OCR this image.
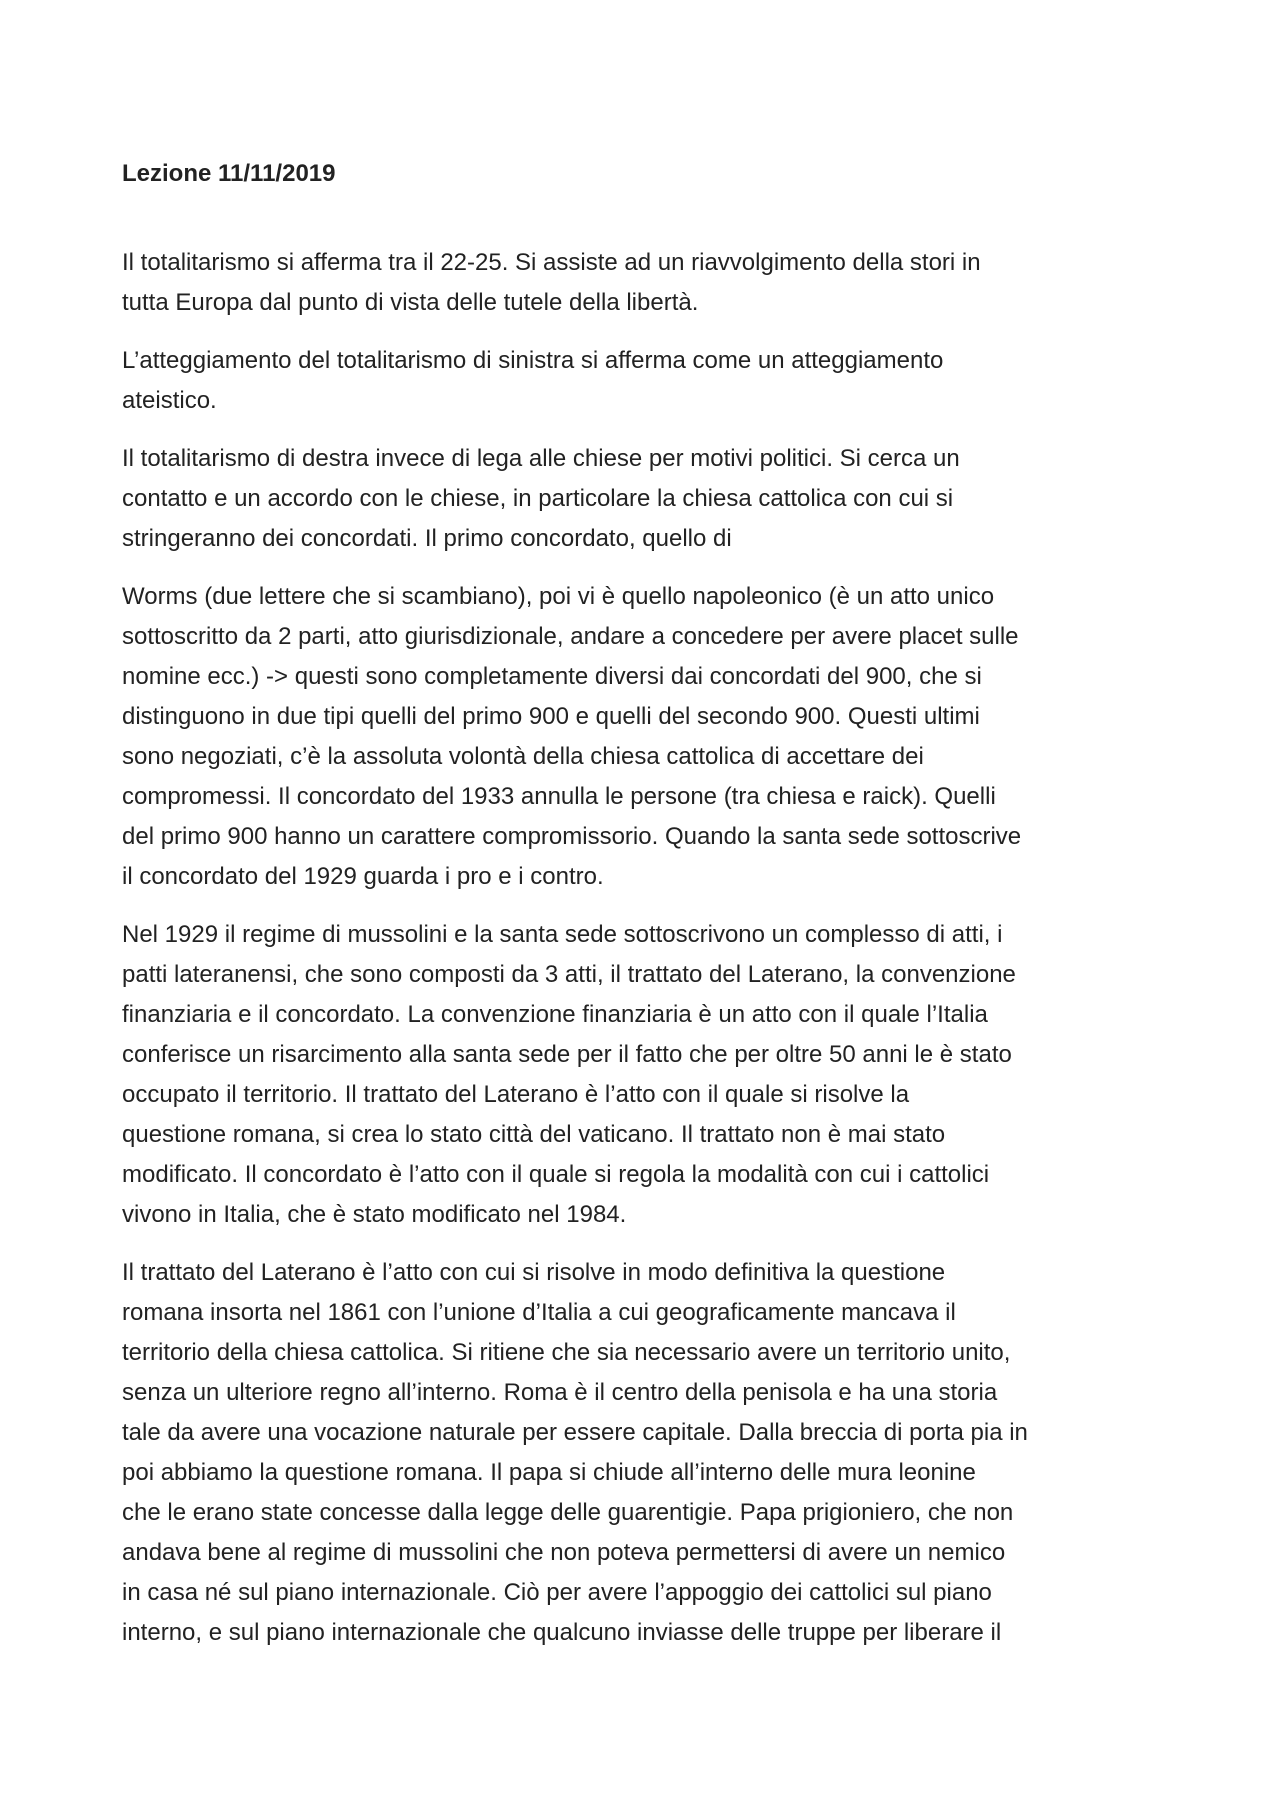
Lezione 11/11/2019
Il totalitarismo si afferma tra il 22-25. Si assiste ad un riavvolgimento della stori in
tutta Europa dal punto di vista delle tutele della libertà.
L’atteggiamento del totalitarismo di sinistra si afferma come un atteggiamento
ateistico.
Il totalitarismo di destra invece di lega alle chiese per motivi politici. Si cerca un
contatto e un accordo con le chiese, in particolare la chiesa cattolica con cui si
stringeranno dei concordati. Il primo concordato, quello di
Worms (due lettere che si scambiano), poi vi è quello napoleonico (è un atto unico
sottoscritto da 2 parti, atto giurisdizionale, andare a concedere per avere placet sulle
nomine ecc.) -> questi sono completamente diversi dai concordati del 900, che si
distinguono in due tipi quelli del primo 900 e quelli del secondo 900. Questi ultimi
sono negoziati, c’è la assoluta volontà della chiesa cattolica di accettare dei
compromessi. Il concordato del 1933 annulla le persone (tra chiesa e raick). Quelli
del primo 900 hanno un carattere compromissorio. Quando la santa sede sottoscrive
il concordato del 1929 guarda i pro e i contro.
Nel 1929 il regime di mussolini e la santa sede sottoscrivono un complesso di atti, i
patti lateranensi, che sono composti da 3 atti, il trattato del Laterano, la convenzione
finanziaria e il concordato. La convenzione finanziaria è un atto con il quale l’Italia
conferisce un risarcimento alla santa sede per il fatto che per oltre 50 anni le è stato
occupato il territorio. Il trattato del Laterano è l’atto con il quale si risolve la
questione romana, si crea lo stato città del vaticano. Il trattato non è mai stato
modificato. Il concordato è l’atto con il quale si regola la modalità con cui i cattolici
vivono in Italia, che è stato modificato nel 1984.
Il trattato del Laterano è l’atto con cui si risolve in modo definitiva la questione
romana insorta nel 1861 con l’unione d’Italia a cui geograficamente mancava il
territorio della chiesa cattolica. Si ritiene che sia necessario avere un territorio unito,
senza un ulteriore regno all’interno. Roma è il centro della penisola e ha una storia
tale da avere una vocazione naturale per essere capitale. Dalla breccia di porta pia in
poi abbiamo la questione romana. Il papa si chiude all’interno delle mura leonine
che le erano state concesse dalla legge delle guarentigie. Papa prigioniero, che non
andava bene al regime di mussolini che non poteva permettersi di avere un nemico
in casa né sul piano internazionale. Ciò per avere l’appoggio dei cattolici sul piano
interno, e sul piano internazionale che qualcuno inviasse delle truppe per liberare il
